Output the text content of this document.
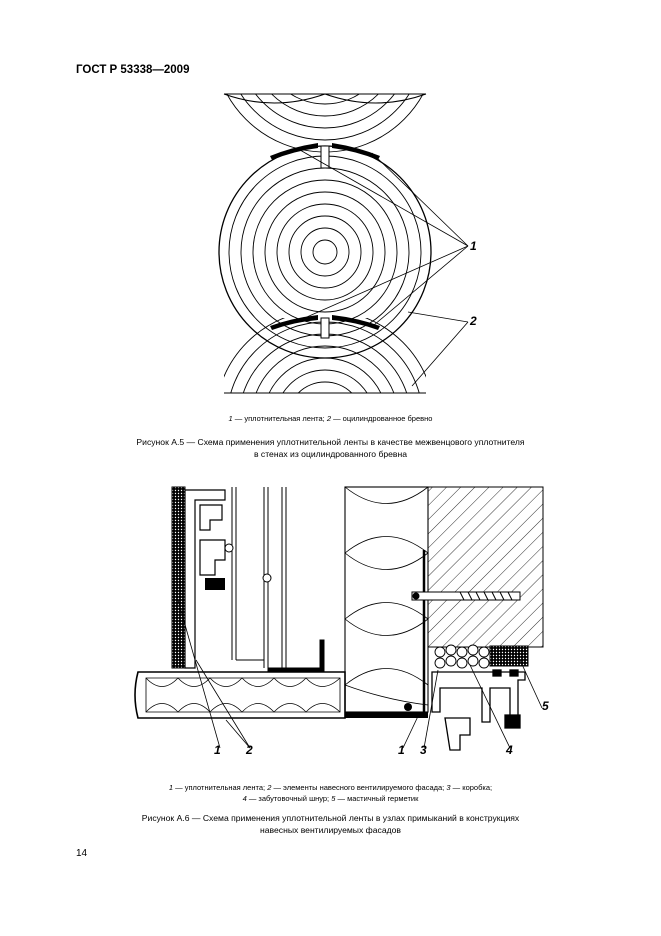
ГОСТ Р 53338—2009
1
2
1 — уплотнительная лента; 2 — оцилиндрованное бревно
Рисунок А.5 — Схема применения уплотнительной ленты в качестве межвенцового уплотнителя
в стенах из оцилиндрованного бревна
1 2	1 3	4
5
1 — уплотнительная лента; 2 — элементы навесного вентилируемого фасада; 3 — коробка;
4 — забутовочный шнур; 5 — мастичный герметик
Рисунок А.6 — Схема применения уплотнительной ленты в узлах примыканий в конструкциях
навесных вентилируемых фасадов
14
